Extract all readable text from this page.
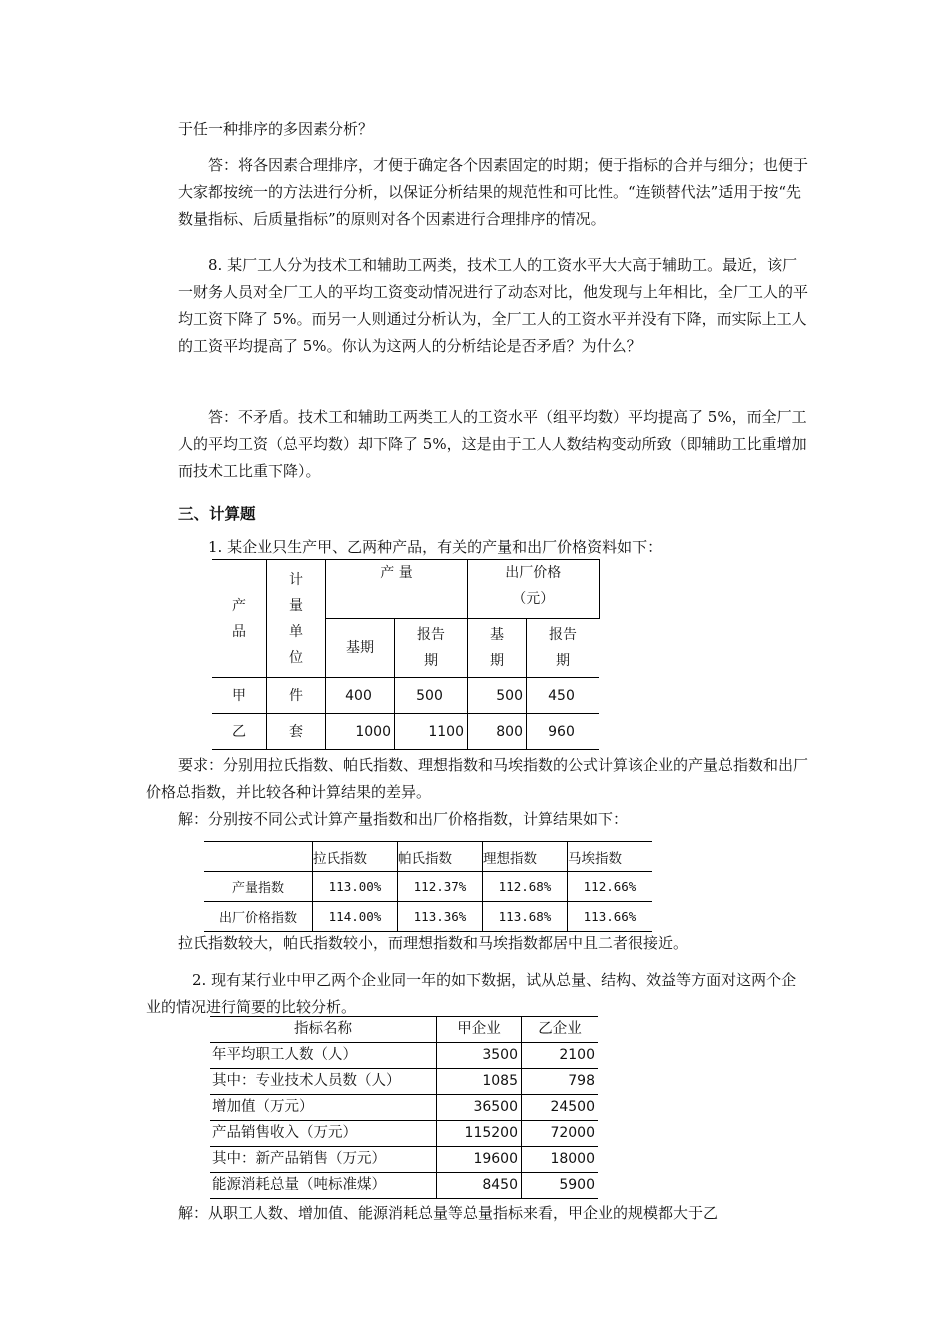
于任一种排序的多因素分析？

答：将各因素合理排序，才便于确定各个因素固定的时期；便于指标的合并与细分；也便于大家都按统一的方法进行分析，以保证分析结果的规范性和可比性。“连锁替代法”适用于按“先数量指标、后质量指标”的原则对各个因素进行合理排序的情况。

8. 某厂工人分为技术工和辅助工两类，技术工人的工资水平大大高于辅助工。最近，该厂一财务人员对全厂工人的平均工资变动情况进行了动态对比，他发现与上年相比，全厂工人的平均工资下降了 5%。而另一人则通过分析认为，全厂工人的工资水平并没有下降，而实际上工人的工资平均提高了 5%。你认为这两人的分析结论是否矛盾？为什么？

答：不矛盾。技术工和辅助工两类工人的工资水平（组平均数）平均提高了 5%，而全厂工人的平均工资（总平均数）却下降了 5%，这是由于工人人数结构变动所致（即辅助工比重增加而技术工比重下降）。

三、计算题

1. 某企业只生产甲、乙两种产品，有关的产量和出厂价格资料如下：

产品	计量单位	产 量		出厂价格（元）	

		基期	报告期	基期	报告期

甲	件	400	500	500	450
乙	套	1000	1100	800	960

要求：分别用拉氏指数、帕氏指数、理想指数和马埃指数的公式计算该企业的产量总指数和出厂价格总指数，并比较各种计算结果的差异。

解：分别按不同公式计算产量指数和出厂价格指数，计算结果如下：

	拉氏指数	帕氏指数	理想指数	马埃指数
产量指数	113.00%	112.37%	112.68%	112.66%
出厂价格指数	114.00%	113.36%	113.68%	113.66%

拉氏指数较大，帕氏指数较小，而理想指数和马埃指数都居中且二者很接近。

2. 现有某行业中甲乙两个企业同一年的如下数据，试从总量、结构、效益等方面对这两个企业的情况进行简要的比较分析。

指标名称	甲企业	乙企业
年平均职工人数（人）	3500	2100
其中：专业技术人员数（人）	1085	798
增加值（万元）	36500	24500
产品销售收入（万元）	115200	72000
其中：新产品销售（万元）	19600	18000
能源消耗总量（吨标准煤）	8450	5900

解：从职工人数、增加值、能源消耗总量等总量指标来看，甲企业的规模都大于乙
